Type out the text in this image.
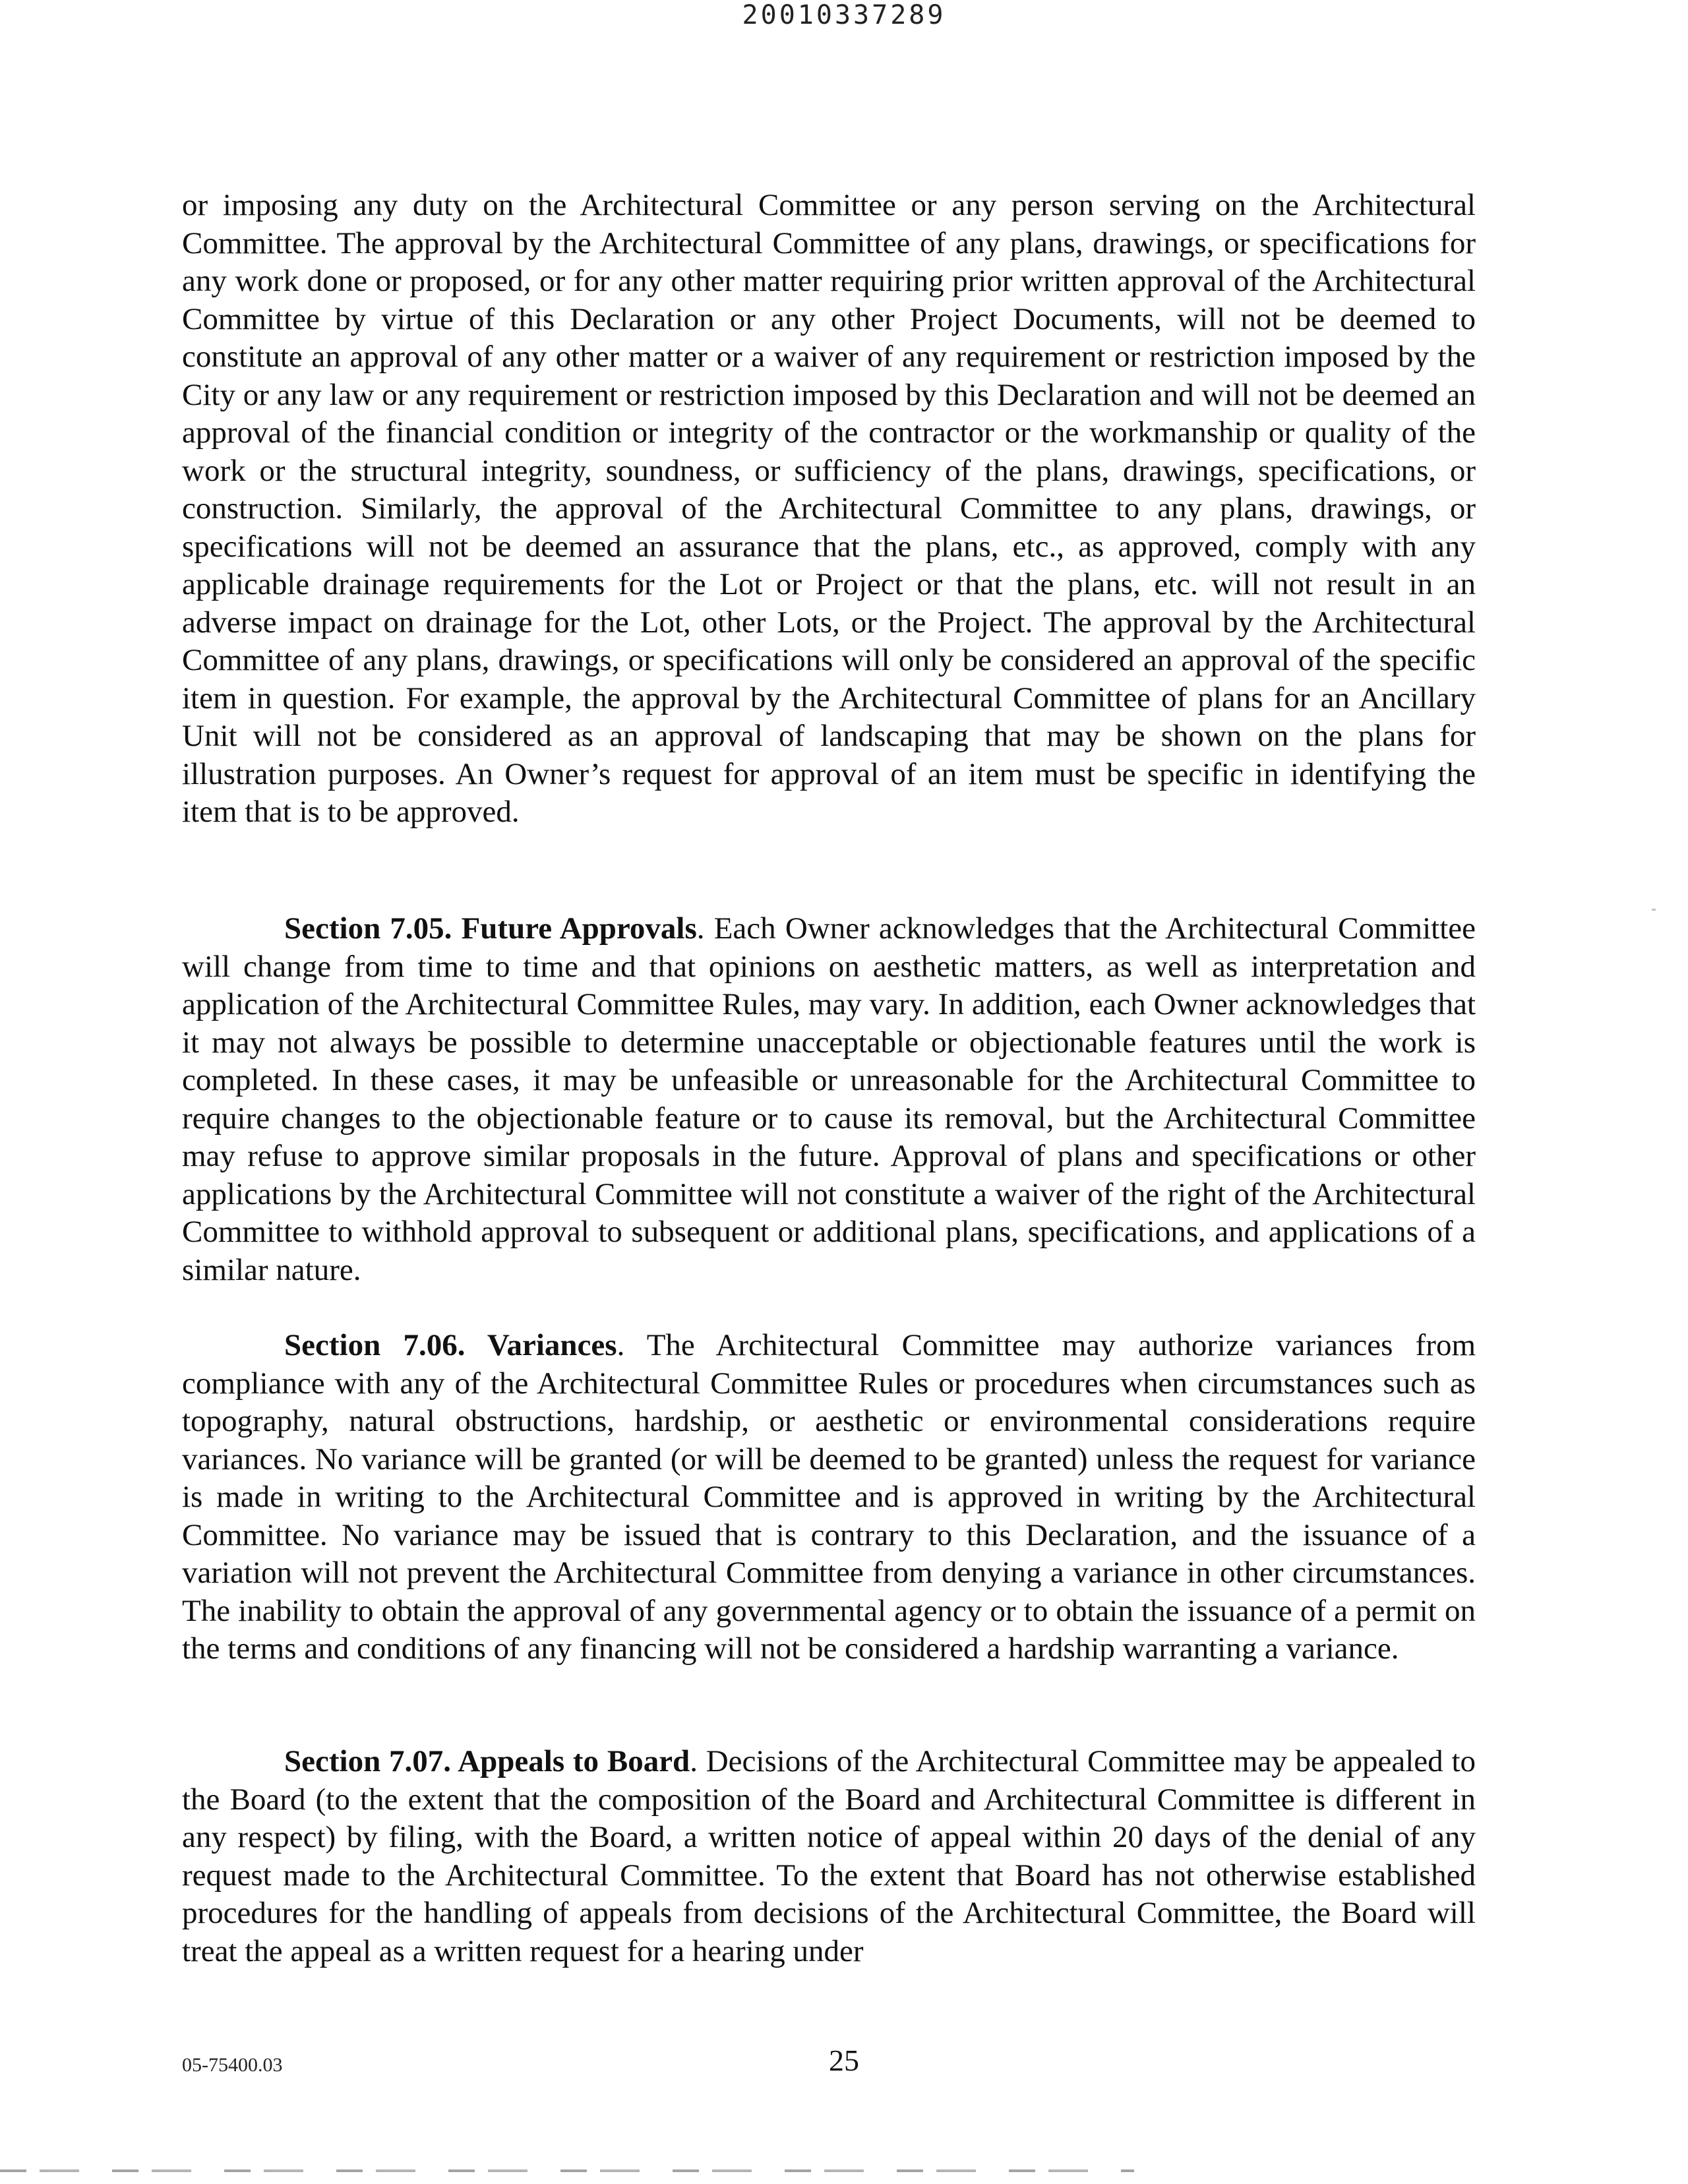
20010337289

or imposing any duty on the Architectural Committee or any person serving on the Architectural Committee. The approval by the Architectural Committee of any plans, drawings, or specifications for any work done or proposed, or for any other matter requiring prior written approval of the Architectural Committee by virtue of this Declaration or any other Project Documents, will not be deemed to constitute an approval of any other matter or a waiver of any requirement or restriction imposed by the City or any law or any requirement or restriction imposed by this Declaration and will not be deemed an approval of the financial condition or integrity of the contractor or the workmanship or quality of the work or the structural integrity, soundness, or sufficiency of the plans, drawings, specifications, or construction. Similarly, the approval of the Architectural Committee to any plans, drawings, or specifications will not be deemed an assurance that the plans, etc., as approved, comply with any applicable drainage requirements for the Lot or Project or that the plans, etc. will not result in an adverse impact on drainage for the Lot, other Lots, or the Project. The approval by the Architectural Committee of any plans, drawings, or specifications will only be considered an approval of the specific item in question. For example, the approval by the Architectural Committee of plans for an Ancillary Unit will not be considered as an approval of landscaping that may be shown on the plans for illustration purposes. An Owner’s request for approval of an item must be specific in identifying the item that is to be approved.

Section 7.05. Future Approvals. Each Owner acknowledges that the Architectural Committee will change from time to time and that opinions on aesthetic matters, as well as interpretation and application of the Architectural Committee Rules, may vary. In addition, each Owner acknowledges that it may not always be possible to determine unacceptable or objectionable features until the work is completed. In these cases, it may be unfeasible or unreasonable for the Architectural Committee to require changes to the objectionable feature or to cause its removal, but the Architectural Committee may refuse to approve similar proposals in the future. Approval of plans and specifications or other applications by the Architectural Committee will not constitute a waiver of the right of the Architectural Committee to withhold approval to subsequent or additional plans, specifications, and applications of a similar nature.

Section 7.06. Variances. The Architectural Committee may authorize variances from compliance with any of the Architectural Committee Rules or procedures when circumstances such as topography, natural obstructions, hardship, or aesthetic or environmental considerations require variances. No variance will be granted (or will be deemed to be granted) unless the request for variance is made in writing to the Architectural Committee and is approved in writing by the Architectural Committee. No variance may be issued that is contrary to this Declaration, and the issuance of a variation will not prevent the Architectural Committee from denying a variance in other circumstances. The inability to obtain the approval of any governmental agency or to obtain the issuance of a permit on the terms and conditions of any financing will not be considered a hardship warranting a variance.

Section 7.07. Appeals to Board. Decisions of the Architectural Committee may be appealed to the Board (to the extent that the composition of the Board and Architectural Committee is different in any respect) by filing, with the Board, a written notice of appeal within 20 days of the denial of any request made to the Architectural Committee. To the extent that Board has not otherwise established procedures for the handling of appeals from decisions of the Architectural Committee, the Board will treat the appeal as a written request for a hearing under

05-75400.03	25
